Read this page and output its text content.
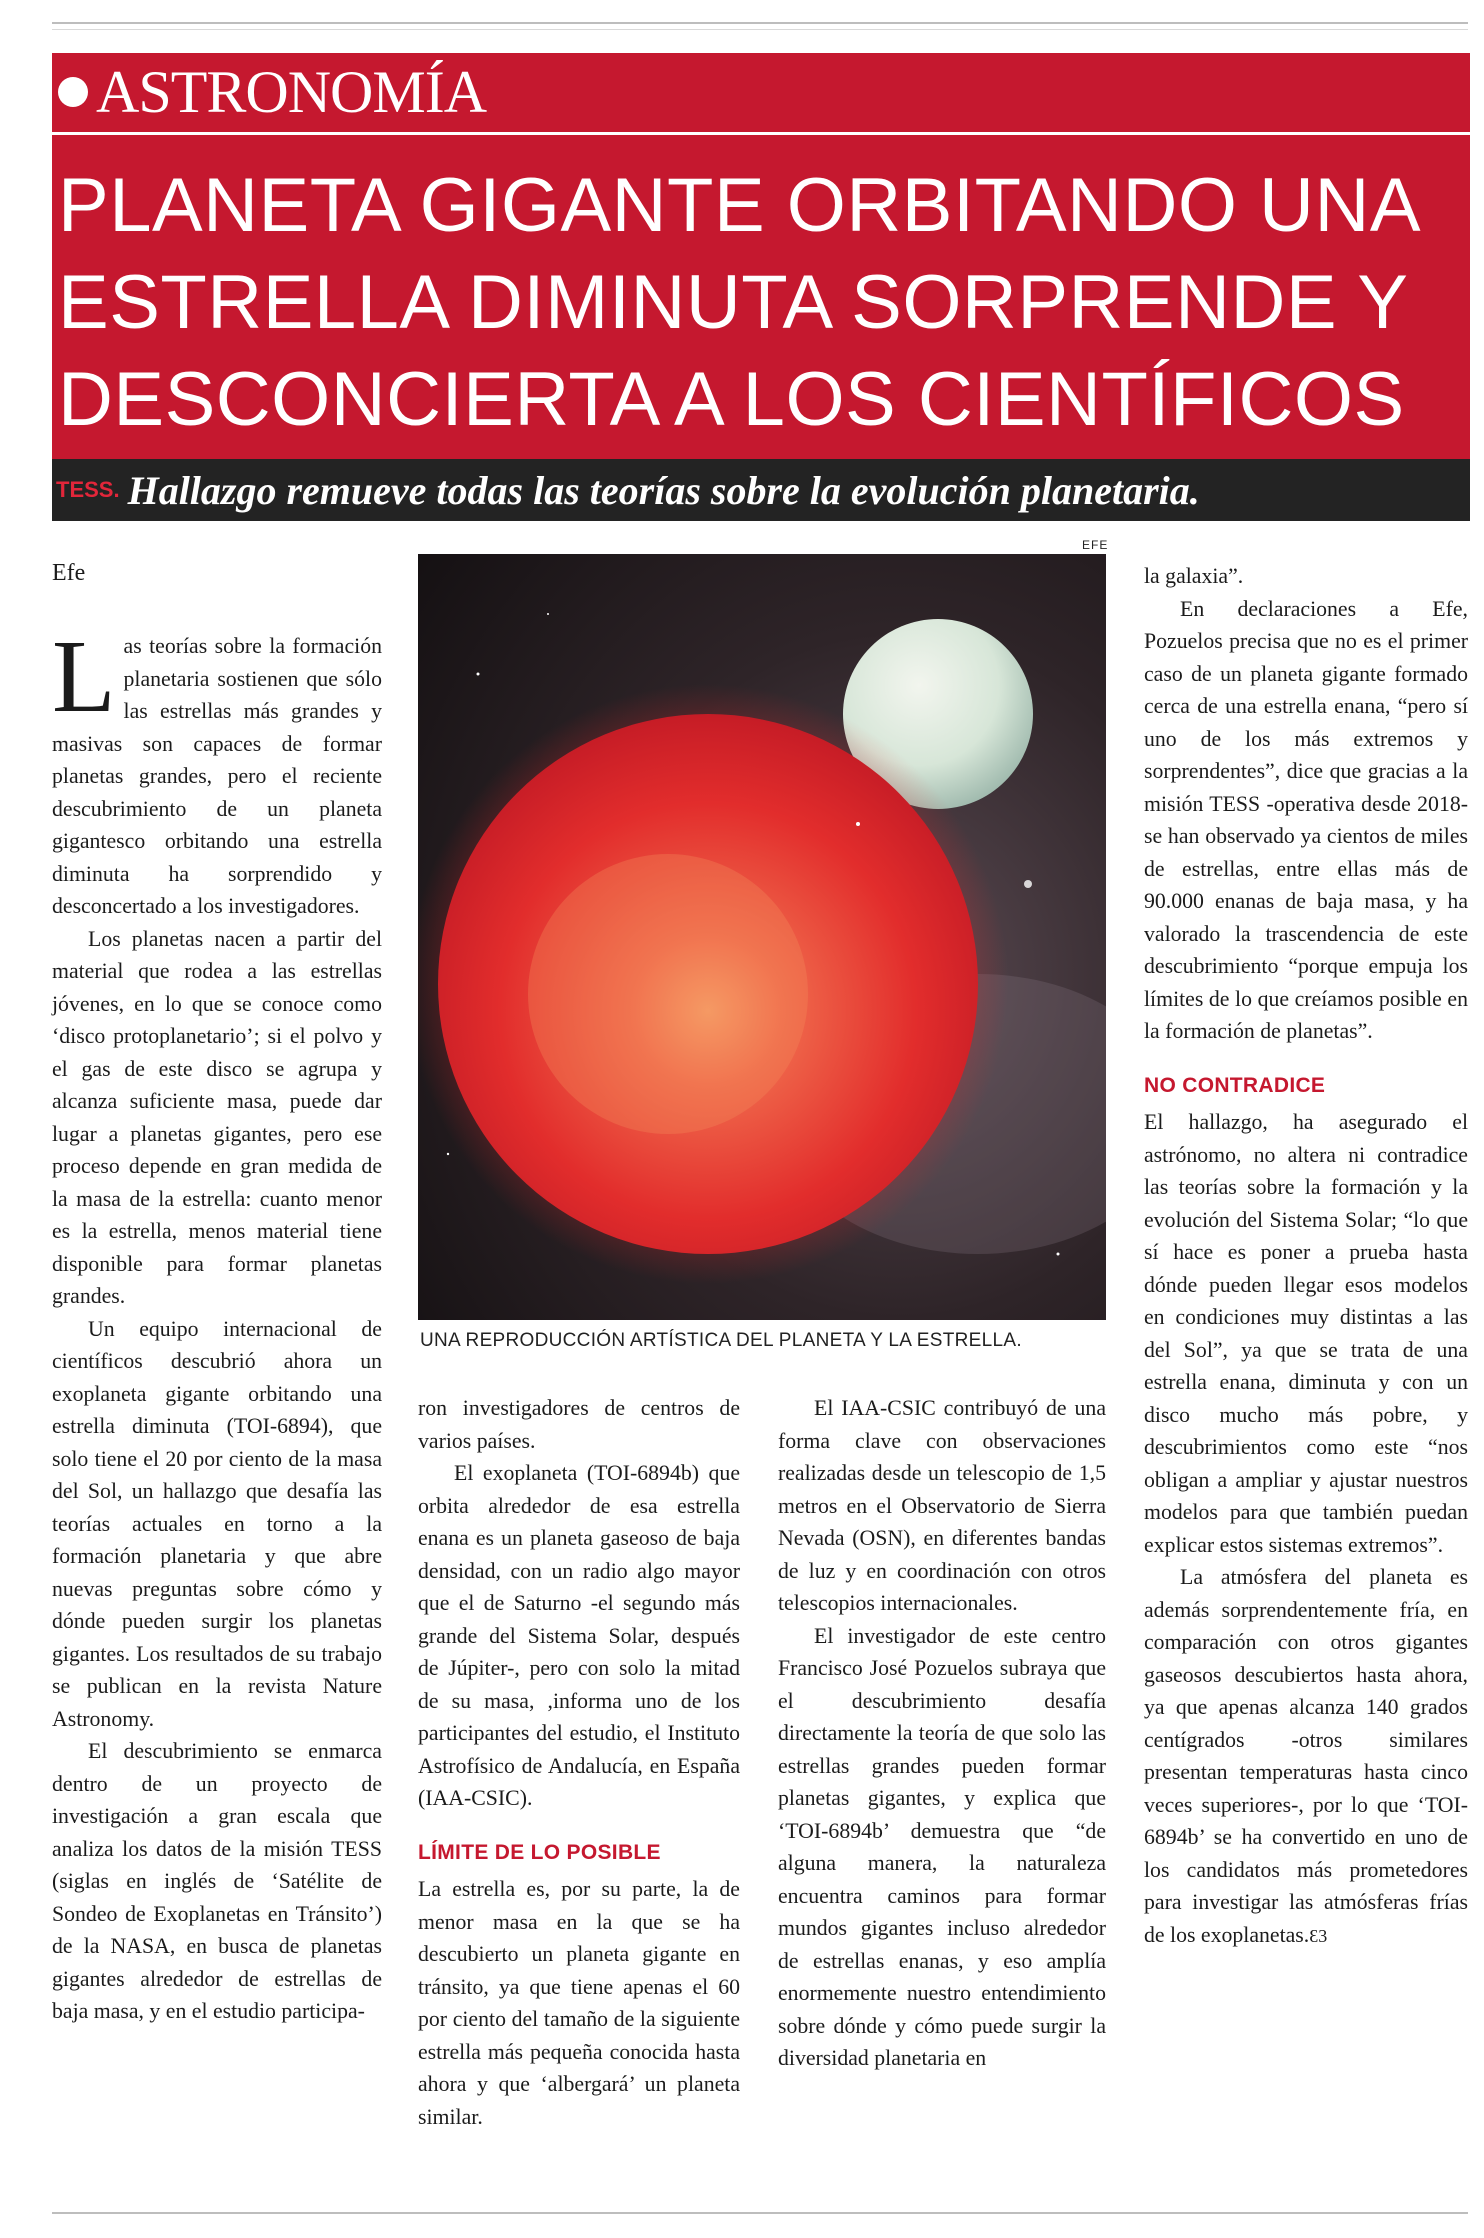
ASTRONOMÍA
PLANETA GIGANTE ORBITANDO UNA ESTRELLA DIMINUTA SORPRENDE Y DESCONCIERTA A LOS CIENTÍFICOS
TESS. Hallazgo remueve todas las teorías sobre la evolución planetaria.
Efe

Las teorías sobre la formación planetaria sostienen que sólo las estrellas más grandes y masivas son capaces de formar planetas grandes, pero el reciente descubrimiento de un planeta gigantesco orbitando una estrella diminuta ha sorprendido y desconcertado a los investigadores.

Los planetas nacen a partir del material que rodea a las estrellas jóvenes, en lo que se conoce como ‘disco protoplanetario’; si el polvo y el gas de este disco se agrupa y alcanza suficiente masa, puede dar lugar a planetas gigantes, pero ese proceso depende en gran medida de la masa de la estrella: cuanto menor es la estrella, menos material tiene disponible para formar planetas grandes.

Un equipo internacional de científicos descubrió ahora un exoplaneta gigante orbitando una estrella diminuta (TOI-6894), que solo tiene el 20 por ciento de la masa del Sol, un hallazgo que desafía las teorías actuales en torno a la formación planetaria y que abre nuevas preguntas sobre cómo y dónde pueden surgir los planetas gigantes. Los resultados de su trabajo se publican en la revista Nature Astronomy.

El descubrimiento se enmarca dentro de un proyecto de investigación a gran escala que analiza los datos de la misión TESS (siglas en inglés de ‘Satélite de Sondeo de Exoplanetas en Tránsito’) de la NASA, en busca de planetas gigantes alrededor de estrellas de baja masa, y en el estudio participa-

EFE
UNA REPRODUCCIÓN ARTÍSTICA DEL PLANETA Y LA ESTRELLA.

ron investigadores de centros de varios países.

El exoplaneta (TOI-6894b) que orbita alrededor de esa estrella enana es un planeta gaseoso de baja densidad, con un radio algo mayor que el de Saturno -el segundo más grande del Sistema Solar, después de Júpiter-, pero con solo la mitad de su masa, ,informa uno de los participantes del estudio, el Instituto Astrofísico de Andalucía, en España (IAA-CSIC).

LÍMITE DE LO POSIBLE

La estrella es, por su parte, la de menor masa en la que se ha descubierto un planeta gigante en tránsito, ya que tiene apenas el 60 por ciento del tamaño de la siguiente estrella más pequeña conocida hasta ahora y que ‘albergará’ un planeta similar.

El IAA-CSIC contribuyó de una forma clave con observaciones realizadas desde un telescopio de 1,5 metros en el Observatorio de Sierra Nevada (OSN), en diferentes bandas de luz y en coordinación con otros telescopios internacionales.

El investigador de este centro Francisco José Pozuelos subraya que el descubrimiento desafía directamente la teoría de que solo las estrellas grandes pueden formar planetas gigantes, y explica que ‘TOI-6894b’ demuestra que “de alguna manera, la naturaleza encuentra caminos para formar mundos gigantes incluso alrededor de estrellas enanas, y eso amplía enormemente nuestro entendimiento sobre dónde y cómo puede surgir la diversidad planetaria en

la galaxia”.

En declaraciones a Efe, Pozuelos precisa que no es el primer caso de un planeta gigante formado cerca de una estrella enana, “pero sí uno de los más extremos y sorprendentes”, dice que gracias a la misión TESS -operativa desde 2018- se han observado ya cientos de miles de estrellas, entre ellas más de 90.000 enanas de baja masa, y ha valorado la trascendencia de este descubrimiento “porque empuja los límites de lo que creíamos posible en la formación de planetas”.

NO CONTRADICE

El hallazgo, ha asegurado el astrónomo, no altera ni contradice las teorías sobre la formación y la evolución del Sistema Solar; “lo que sí hace es poner a prueba hasta dónde pueden llegar esos modelos en condiciones muy distintas a las del Sol”, ya que se trata de una estrella enana, diminuta y con un disco mucho más pobre, y descubrimientos como este “nos obligan a ampliar y ajustar nuestros modelos para que también puedan explicar estos sistemas extremos”.

La atmósfera del planeta es además sorprendentemente fría, en comparación con otros gigantes gaseosos descubiertos hasta ahora, ya que apenas alcanza 140 grados centígrados -otros similares presentan temperaturas hasta cinco veces superiores-, por lo que ‘TOI-6894b’ se ha convertido en uno de los candidatos más prometedores para investigar las atmósferas frías de los exoplanetas.Ɛ3
